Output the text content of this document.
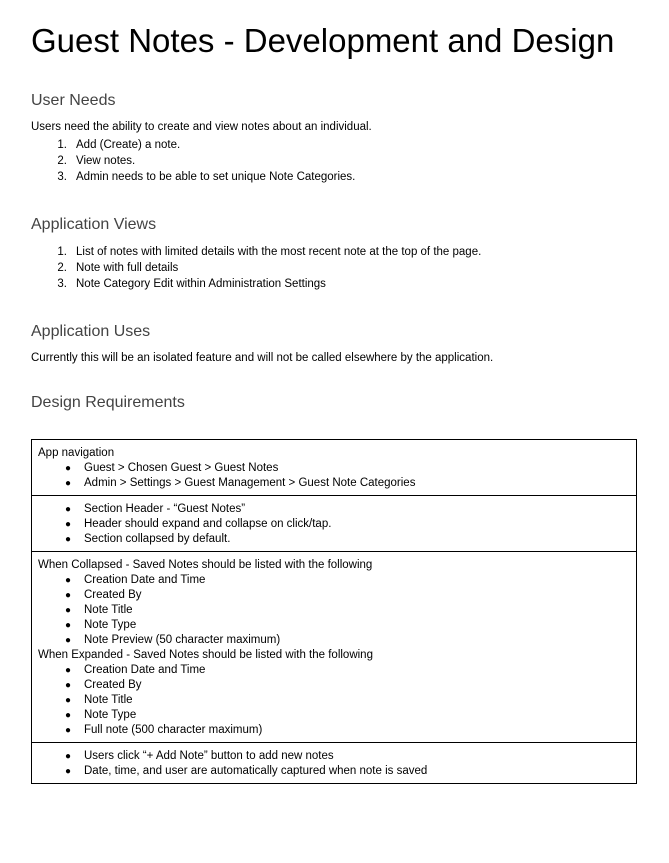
Guest Notes - Development and Design
User Needs

Users need the ability to create and view notes about an individual.

1. Add (Create) a note.
2. View notes.
3. Admin needs to be able to set unique Note Categories.
Application Views
1. List of notes with limited details with the most recent note at the top of the page.
2. Note with full details
3. Note Category Edit within Administration Settings
Application Uses

Currently this will be an isolated feature and will not be called elsewhere by the application.

Design Requirements
App navigation
● Guest > Chosen Guest > Guest Notes
● Admin > Settings > Guest Management > Guest Note Categories

● Section Header - “Guest Notes”
● Header should expand and collapse on click/tap.
● Section collapsed by default.

When Collapsed - Saved Notes should be listed with the following
● Creation Date and Time
● Created By
● Note Title
● Note Type
● Note Preview (50 character maximum)
When Expanded - Saved Notes should be listed with the following
● Creation Date and Time
● Created By
● Note Title
● Note Type
● Full note (500 character maximum)

● Users click “+ Add Note” button to add new notes
● Date, time, and user are automatically captured when note is saved
